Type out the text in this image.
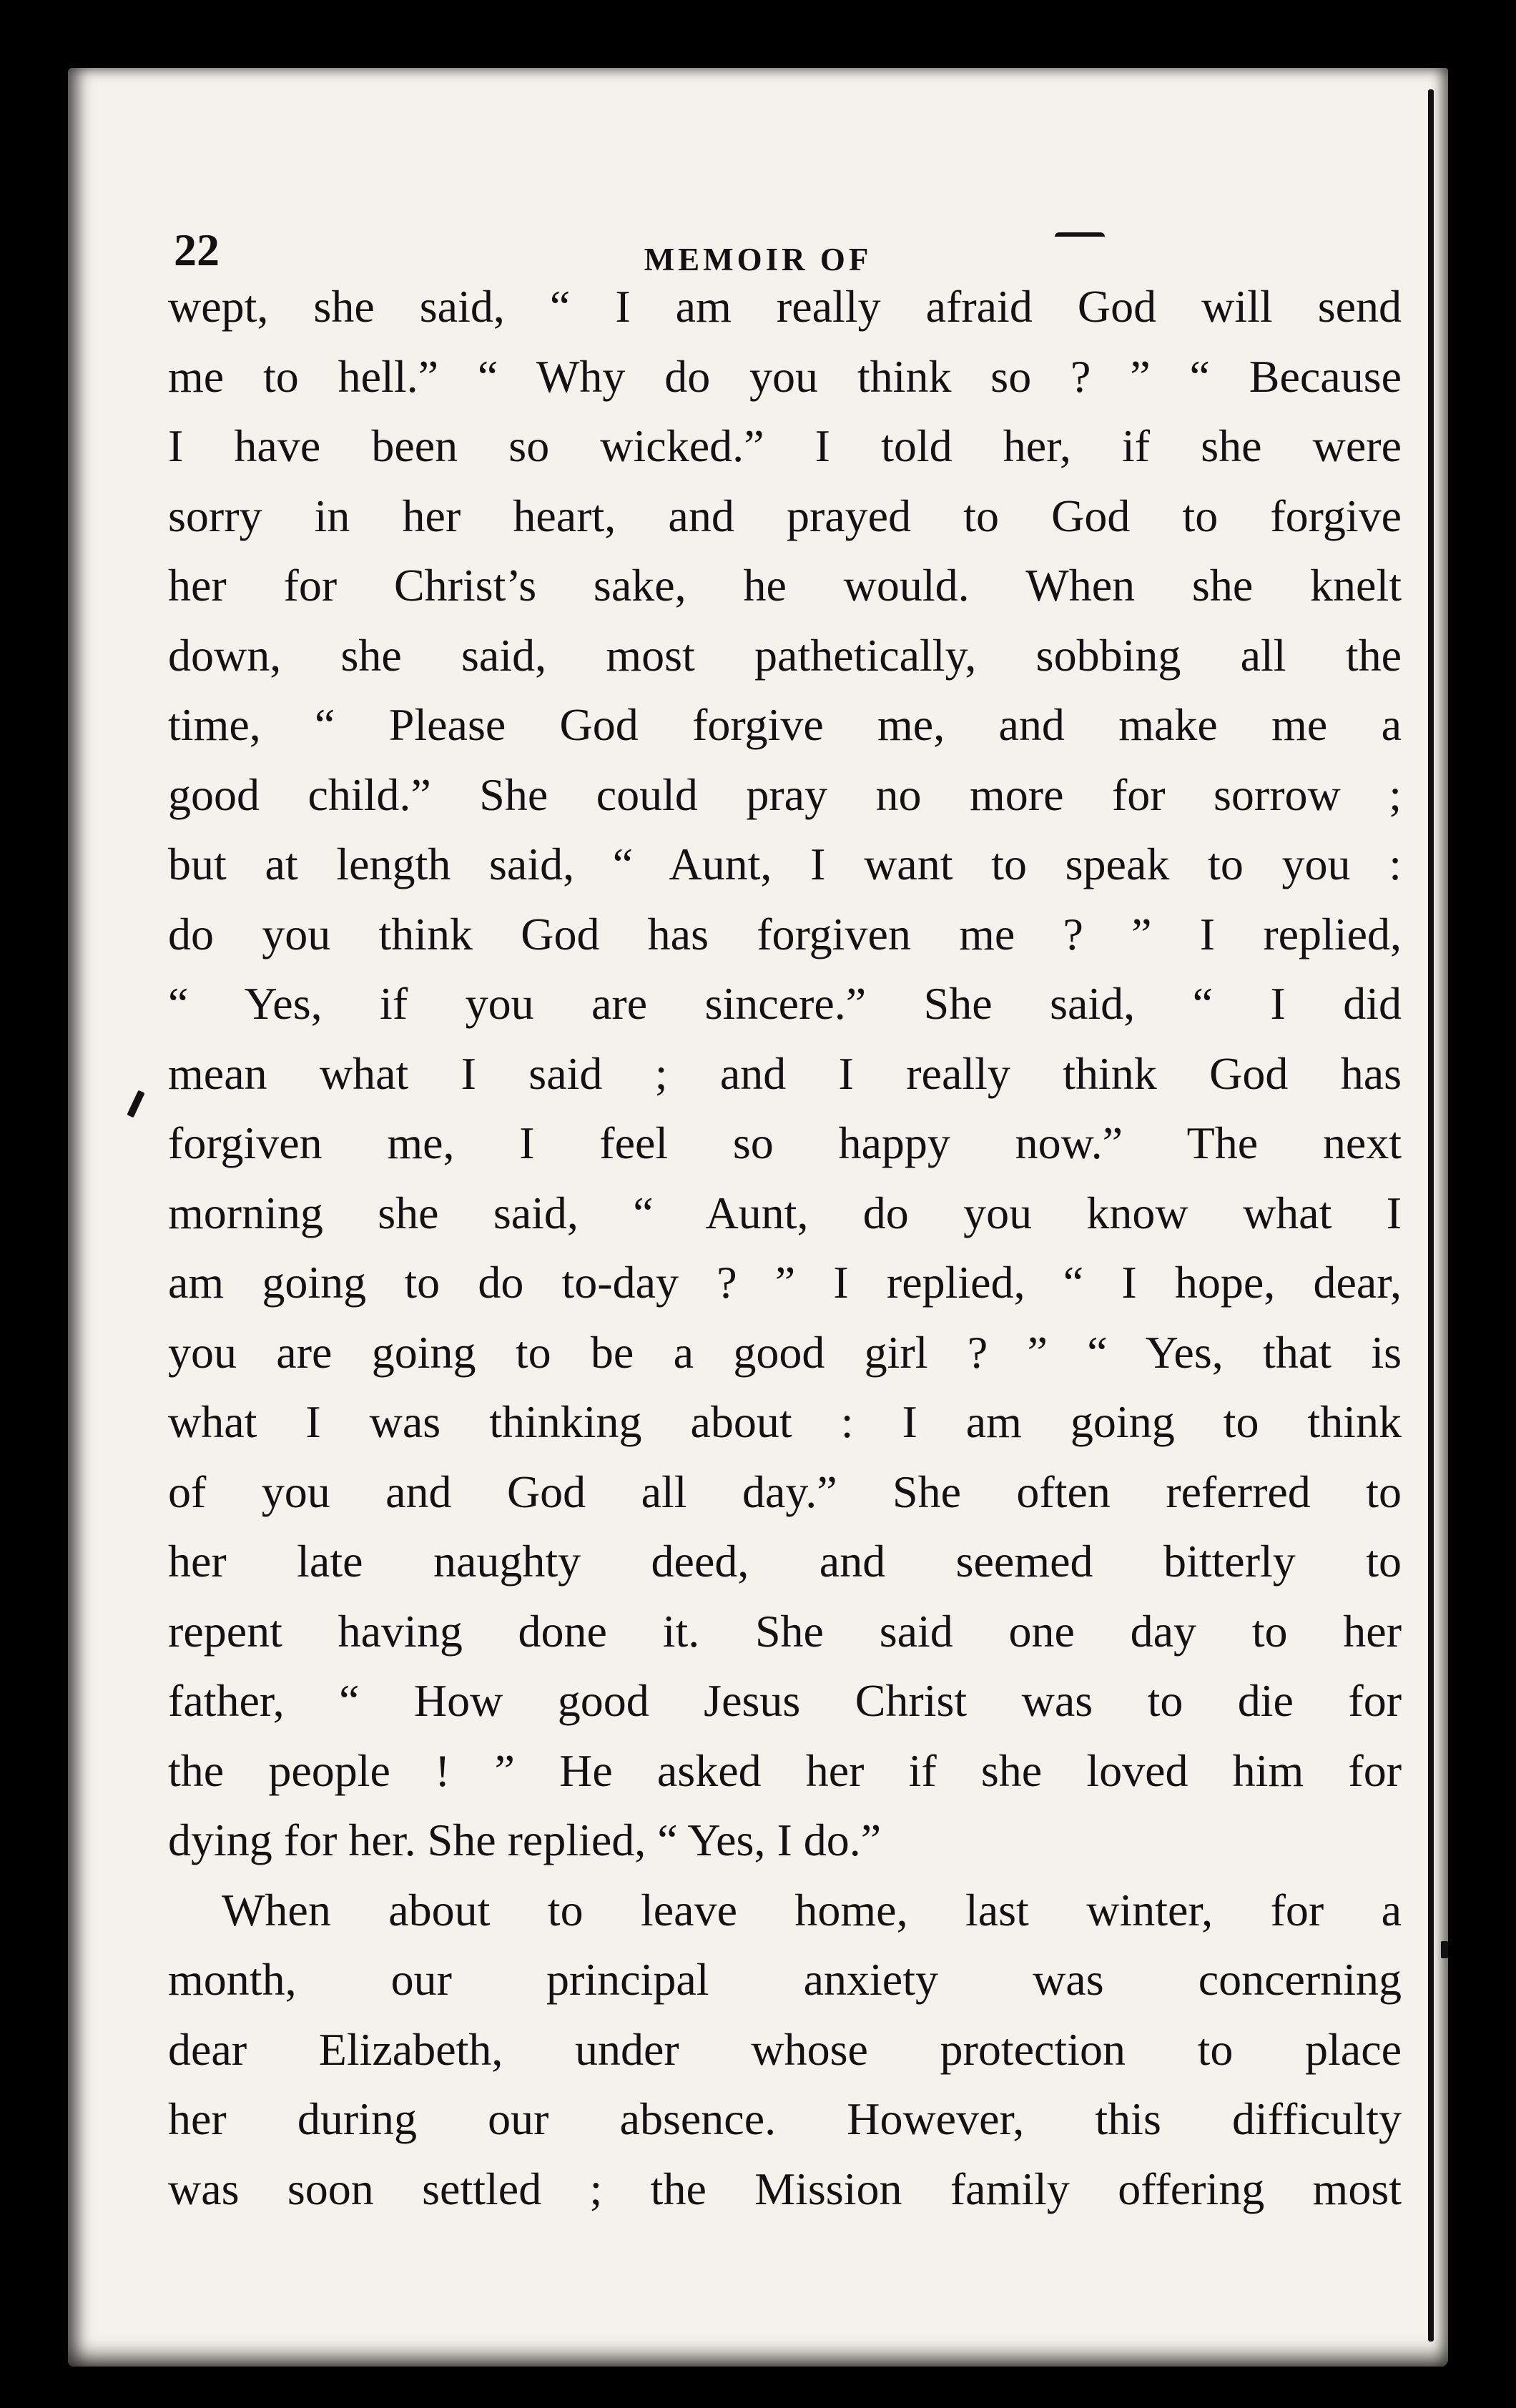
22	MEMOIR OF
wept, she said, “ I am really afraid God will send
me to hell.” “ Why do you think so ? ” “ Because
I have been so wicked.” I told her, if she were
sorry in her heart, and prayed to God to forgive
her for Christ’s sake, he would. When she knelt
down, she said, most pathetically, sobbing all the
time, “ Please God forgive me, and make me a
good child.” She could pray no more for sorrow ;
but at length said, “ Aunt, I want to speak to you :
do you think God has forgiven me ? ” I replied,
“ Yes, if you are sincere.” She said, “ I did
mean what I said ; and I really think God has
forgiven me, I feel so happy now.” The next
morning she said, “ Aunt, do you know what I
am going to do to-day ? ” I replied, “ I hope, dear,
you are going to be a good girl ? ” “ Yes, that is
what I was thinking about : I am going to think
of you and God all day.” She often referred to
her late naughty deed, and seemed bitterly to
repent having done it. She said one day to her
father, “ How good Jesus Christ was to die for
the people ! ” He asked her if she loved him for
dying for her. She replied, “ Yes, I do.”
When about to leave home, last winter, for a
month, our principal anxiety was concerning
dear Elizabeth, under whose protection to place
her during our absence. However, this difficulty
was soon settled ; the Mission family offering most
